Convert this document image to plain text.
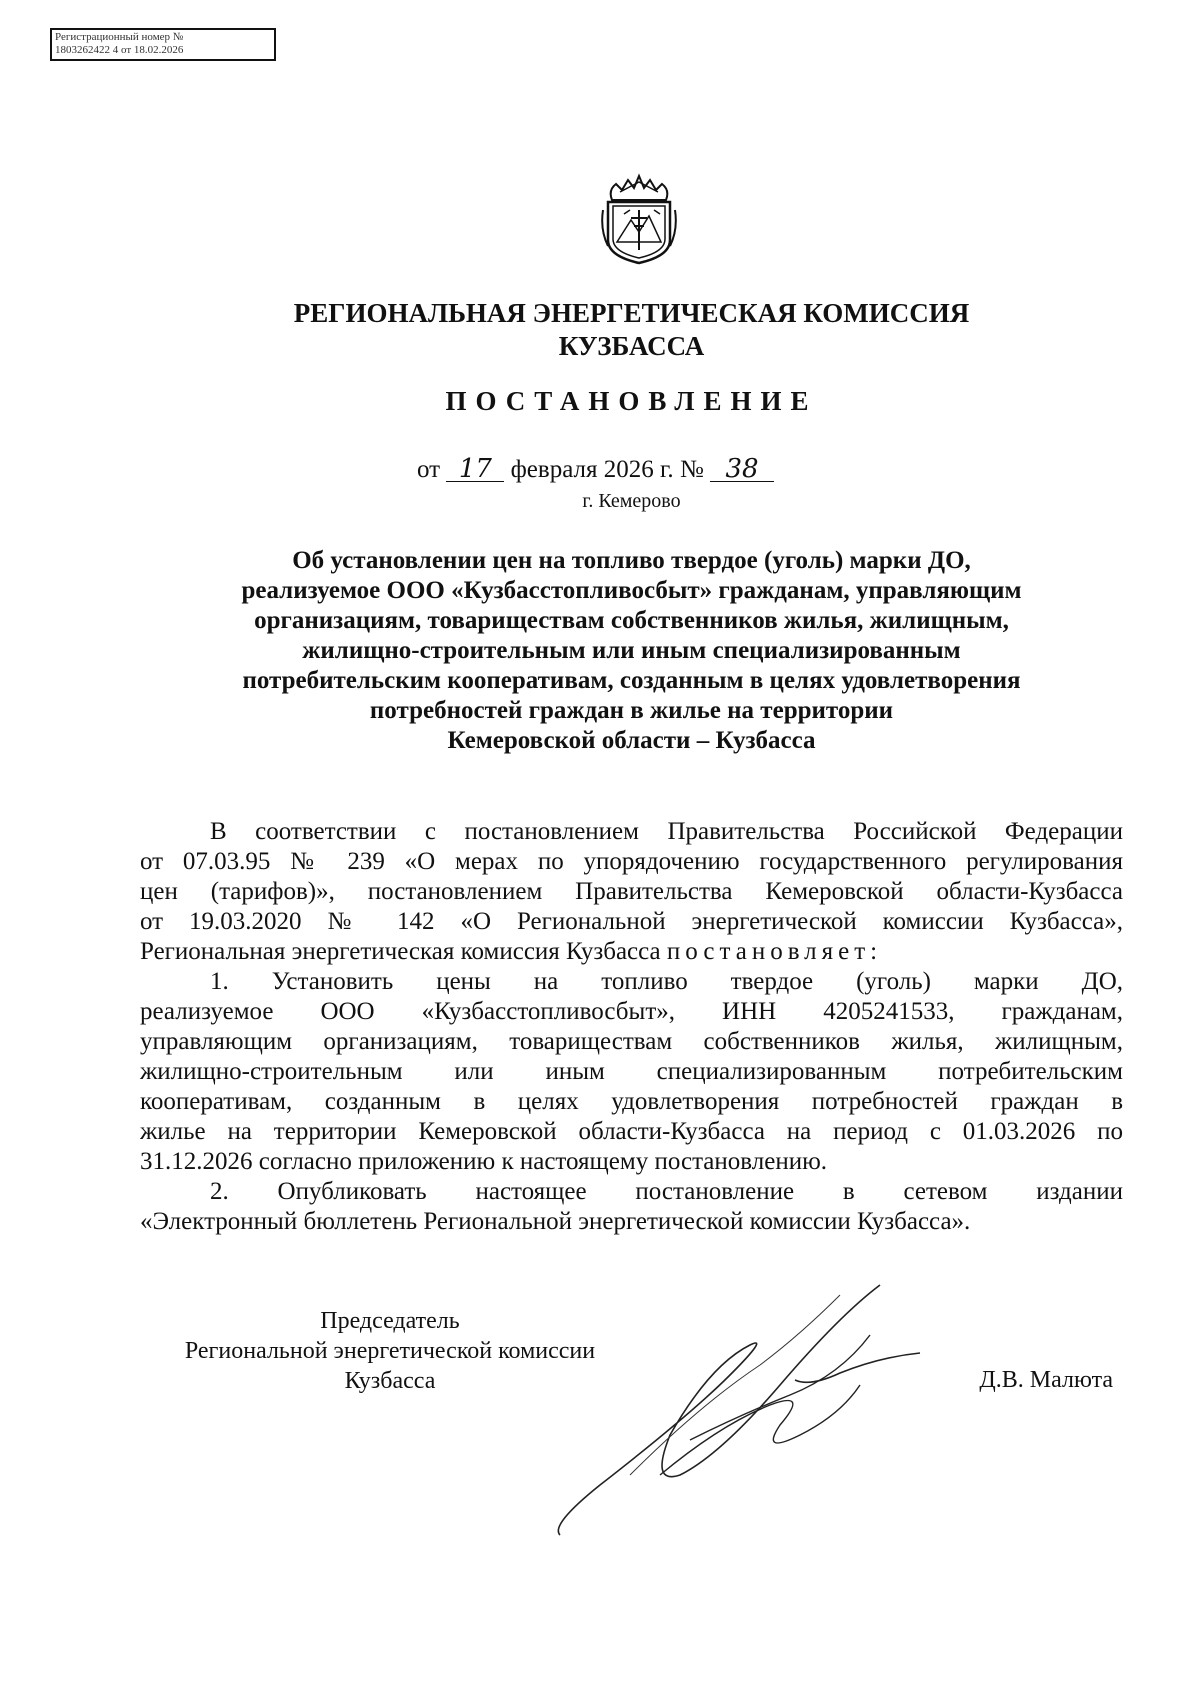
Регистрационный номер №
1803262422 4 от 18.02.2026
РЕГИОНАЛЬНАЯ ЭНЕРГЕТИЧЕСКАЯ КОМИССИЯ
КУЗБАССА
ПОСТАНОВЛЕНИЕ
от 17 февраля 2026 г. № 38
г. Кемерово

Об установлении цен на топливо твердое (уголь) марки ДО,

реализуемое ООО «Кузбасстопливосбыт» гражданам, управляющим

организациям, товариществам собственников жилья, жилищным,

жилищно-строительным или иным специализированным

потребительским кооперативам, созданным в целях удовлетворения

потребностей граждан в жилье на территории

Кемеровской области – Кузбасса

В соответствии с постановлением Правительства Российской Федерации

от 07.03.95 № 239 «О мерах по упорядочению государственного регулирования

цен (тарифов)», постановлением Правительства Кемеровской области-Кузбасса

от 19.03.2020 № 142 «О Региональной энергетической комиссии Кузбасса»,

Региональная энергетическая комиссия Кузбасса постановляет:

1. Установить цены на топливо твердое (уголь) марки ДО,

реализуемое ООО «Кузбасстопливосбыт», ИНН 4205241533, гражданам,

управляющим организациям, товариществам собственников жилья, жилищным,

жилищно-строительным или иным специализированным потребительским

кооперативам, созданным в целях удовлетворения потребностей граждан в

жилье на территории Кемеровской области-Кузбасса на период с 01.03.2026 по

31.12.2026 согласно приложению к настоящему постановлению.

2. Опубликовать настоящее постановление в сетевом издании

«Электронный бюллетень Региональной энергетической комиссии Кузбасса».

Председатель
Региональной энергетической комиссии
Кузбасса	Д.В. Малюта
